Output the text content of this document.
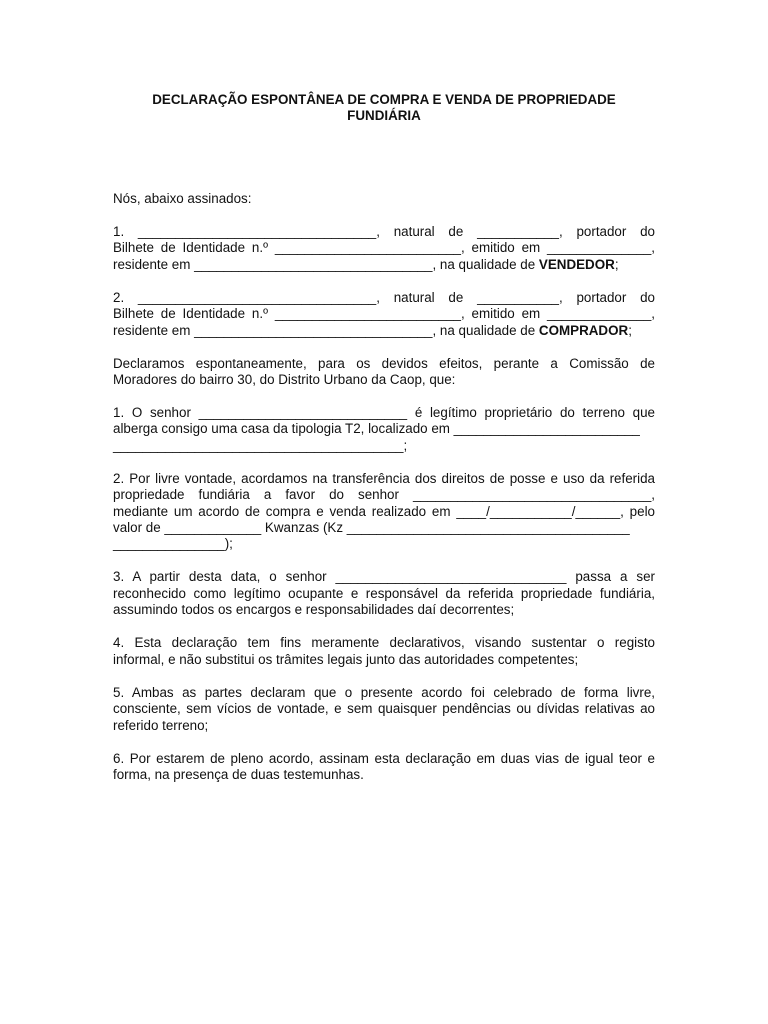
DECLARAÇÃO ESPONTÂNEA DE COMPRA E VENDA DE PROPRIEDADE
FUNDIÁRIA

Nós, abaixo assinados:

1. ________________________________, natural de ___________, portador do
Bilhete de Identidade n.º _________________________, emitido em ______________,
residente em ________________________________, na qualidade de VENDEDOR;

2. ________________________________, natural de ___________, portador do
Bilhete de Identidade n.º _________________________, emitido em ______________,
residente em ________________________________, na qualidade de COMPRADOR;

Declaramos espontaneamente, para os devidos efeitos, perante a Comissão de
Moradores do bairro 30, do Distrito Urbano da Caop, que:

1. O senhor ____________________________ é legítimo proprietário do terreno que
alberga consigo uma casa da tipologia T2, localizado em _________________________
_______________________________________;

2. Por livre vontade, acordamos na transferência dos direitos de posse e uso da referida
propriedade fundiária a favor do senhor ________________________________,
mediante um acordo de compra e venda realizado em ____/___________/______, pelo
valor de _____________ Kwanzas (Kz ______________________________________
_______________);

3. A partir desta data, o senhor _______________________________ passa a ser
reconhecido como legítimo ocupante e responsável da referida propriedade fundiária,
assumindo todos os encargos e responsabilidades daí decorrentes;

4. Esta declaração tem fins meramente declarativos, visando sustentar o registo
informal, e não substitui os trâmites legais junto das autoridades competentes;

5. Ambas as partes declaram que o presente acordo foi celebrado de forma livre,
consciente, sem vícios de vontade, e sem quaisquer pendências ou dívidas relativas ao
referido terreno;

6. Por estarem de pleno acordo, assinam esta declaração em duas vias de igual teor e
forma, na presença de duas testemunhas.
